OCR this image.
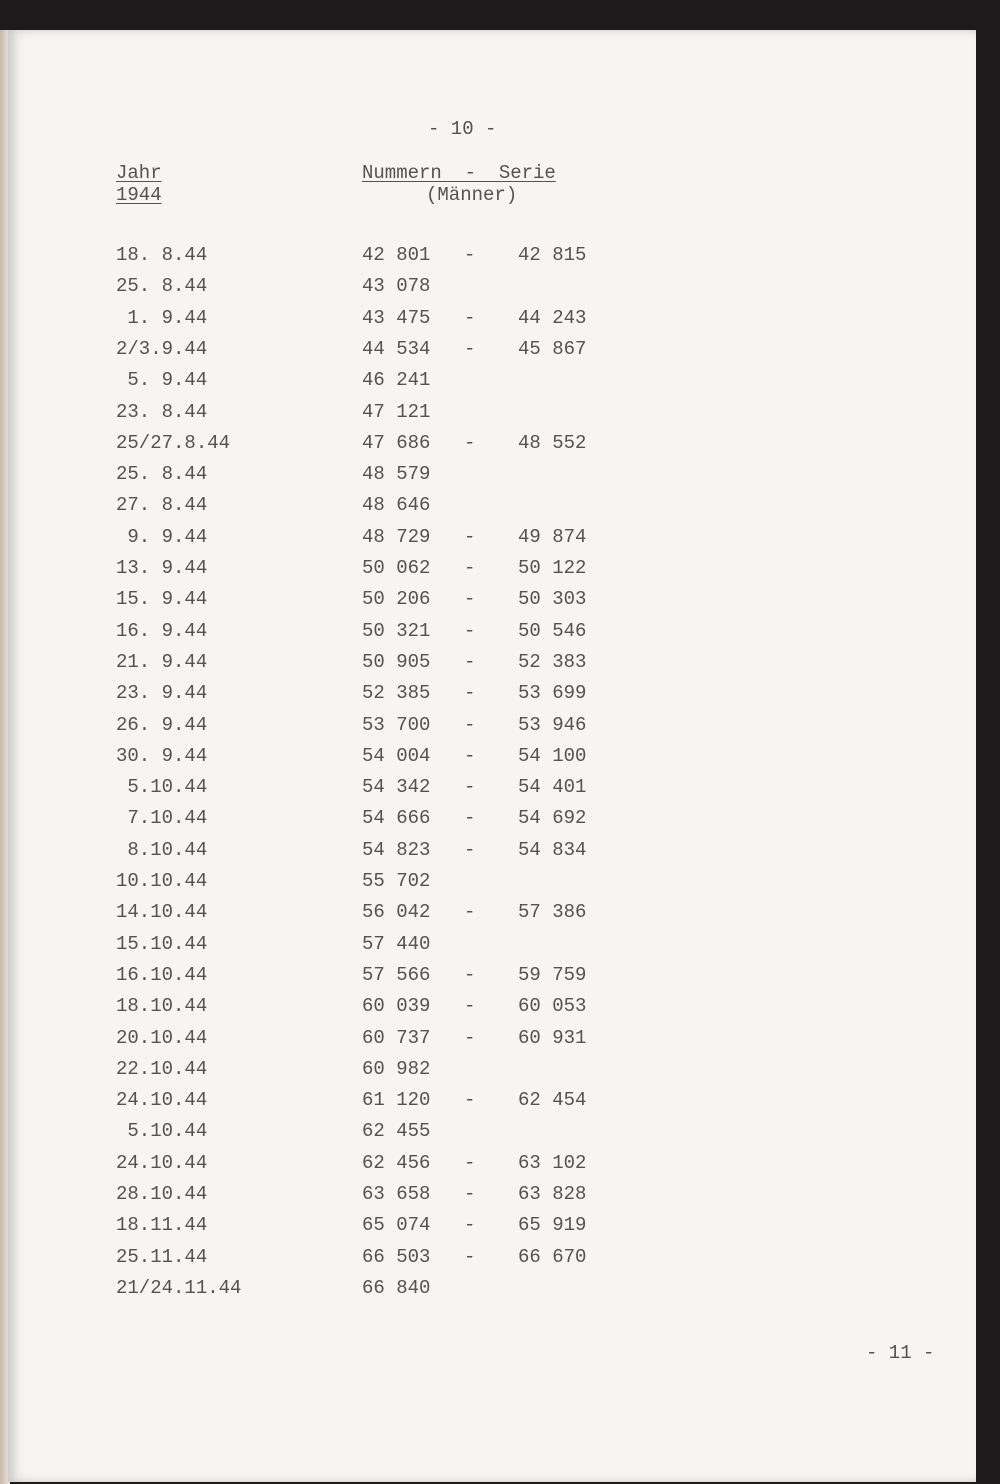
- 10 -
Jahr
1944
Nummern  -  Serie
(Männer)
18. 8.44	42 801 - 42 815
25. 8.44	43 078
1. 9.44	43 475 - 44 243
2/3.9.44	44 534 - 45 867
5. 9.44	46 241
23. 8.44	47 121
25/27.8.44	47 686 - 48 552
25. 8.44	48 579
27. 8.44	48 646
9. 9.44	48 729 - 49 874
13. 9.44	50 062 - 50 122
15. 9.44	50 206 - 50 303
16. 9.44	50 321 - 50 546
21. 9.44	50 905 - 52 383
23. 9.44	52 385 - 53 699
26. 9.44	53 700 - 53 946
30. 9.44	54 004 - 54 100
5.10.44	54 342 - 54 401
7.10.44	54 666 - 54 692
8.10.44	54 823 - 54 834
10.10.44	55 702
14.10.44	56 042 - 57 386
15.10.44	57 440
16.10.44	57 566 - 59 759
18.10.44	60 039 - 60 053
20.10.44	60 737 - 60 931
22.10.44	60 982
24.10.44	61 120 - 62 454
5.10.44	62 455
24.10.44	62 456 - 63 102
28.10.44	63 658 - 63 828
18.11.44	65 074 - 65 919
25.11.44	66 503 - 66 670
21/24.11.44	66 840
- 11 -
